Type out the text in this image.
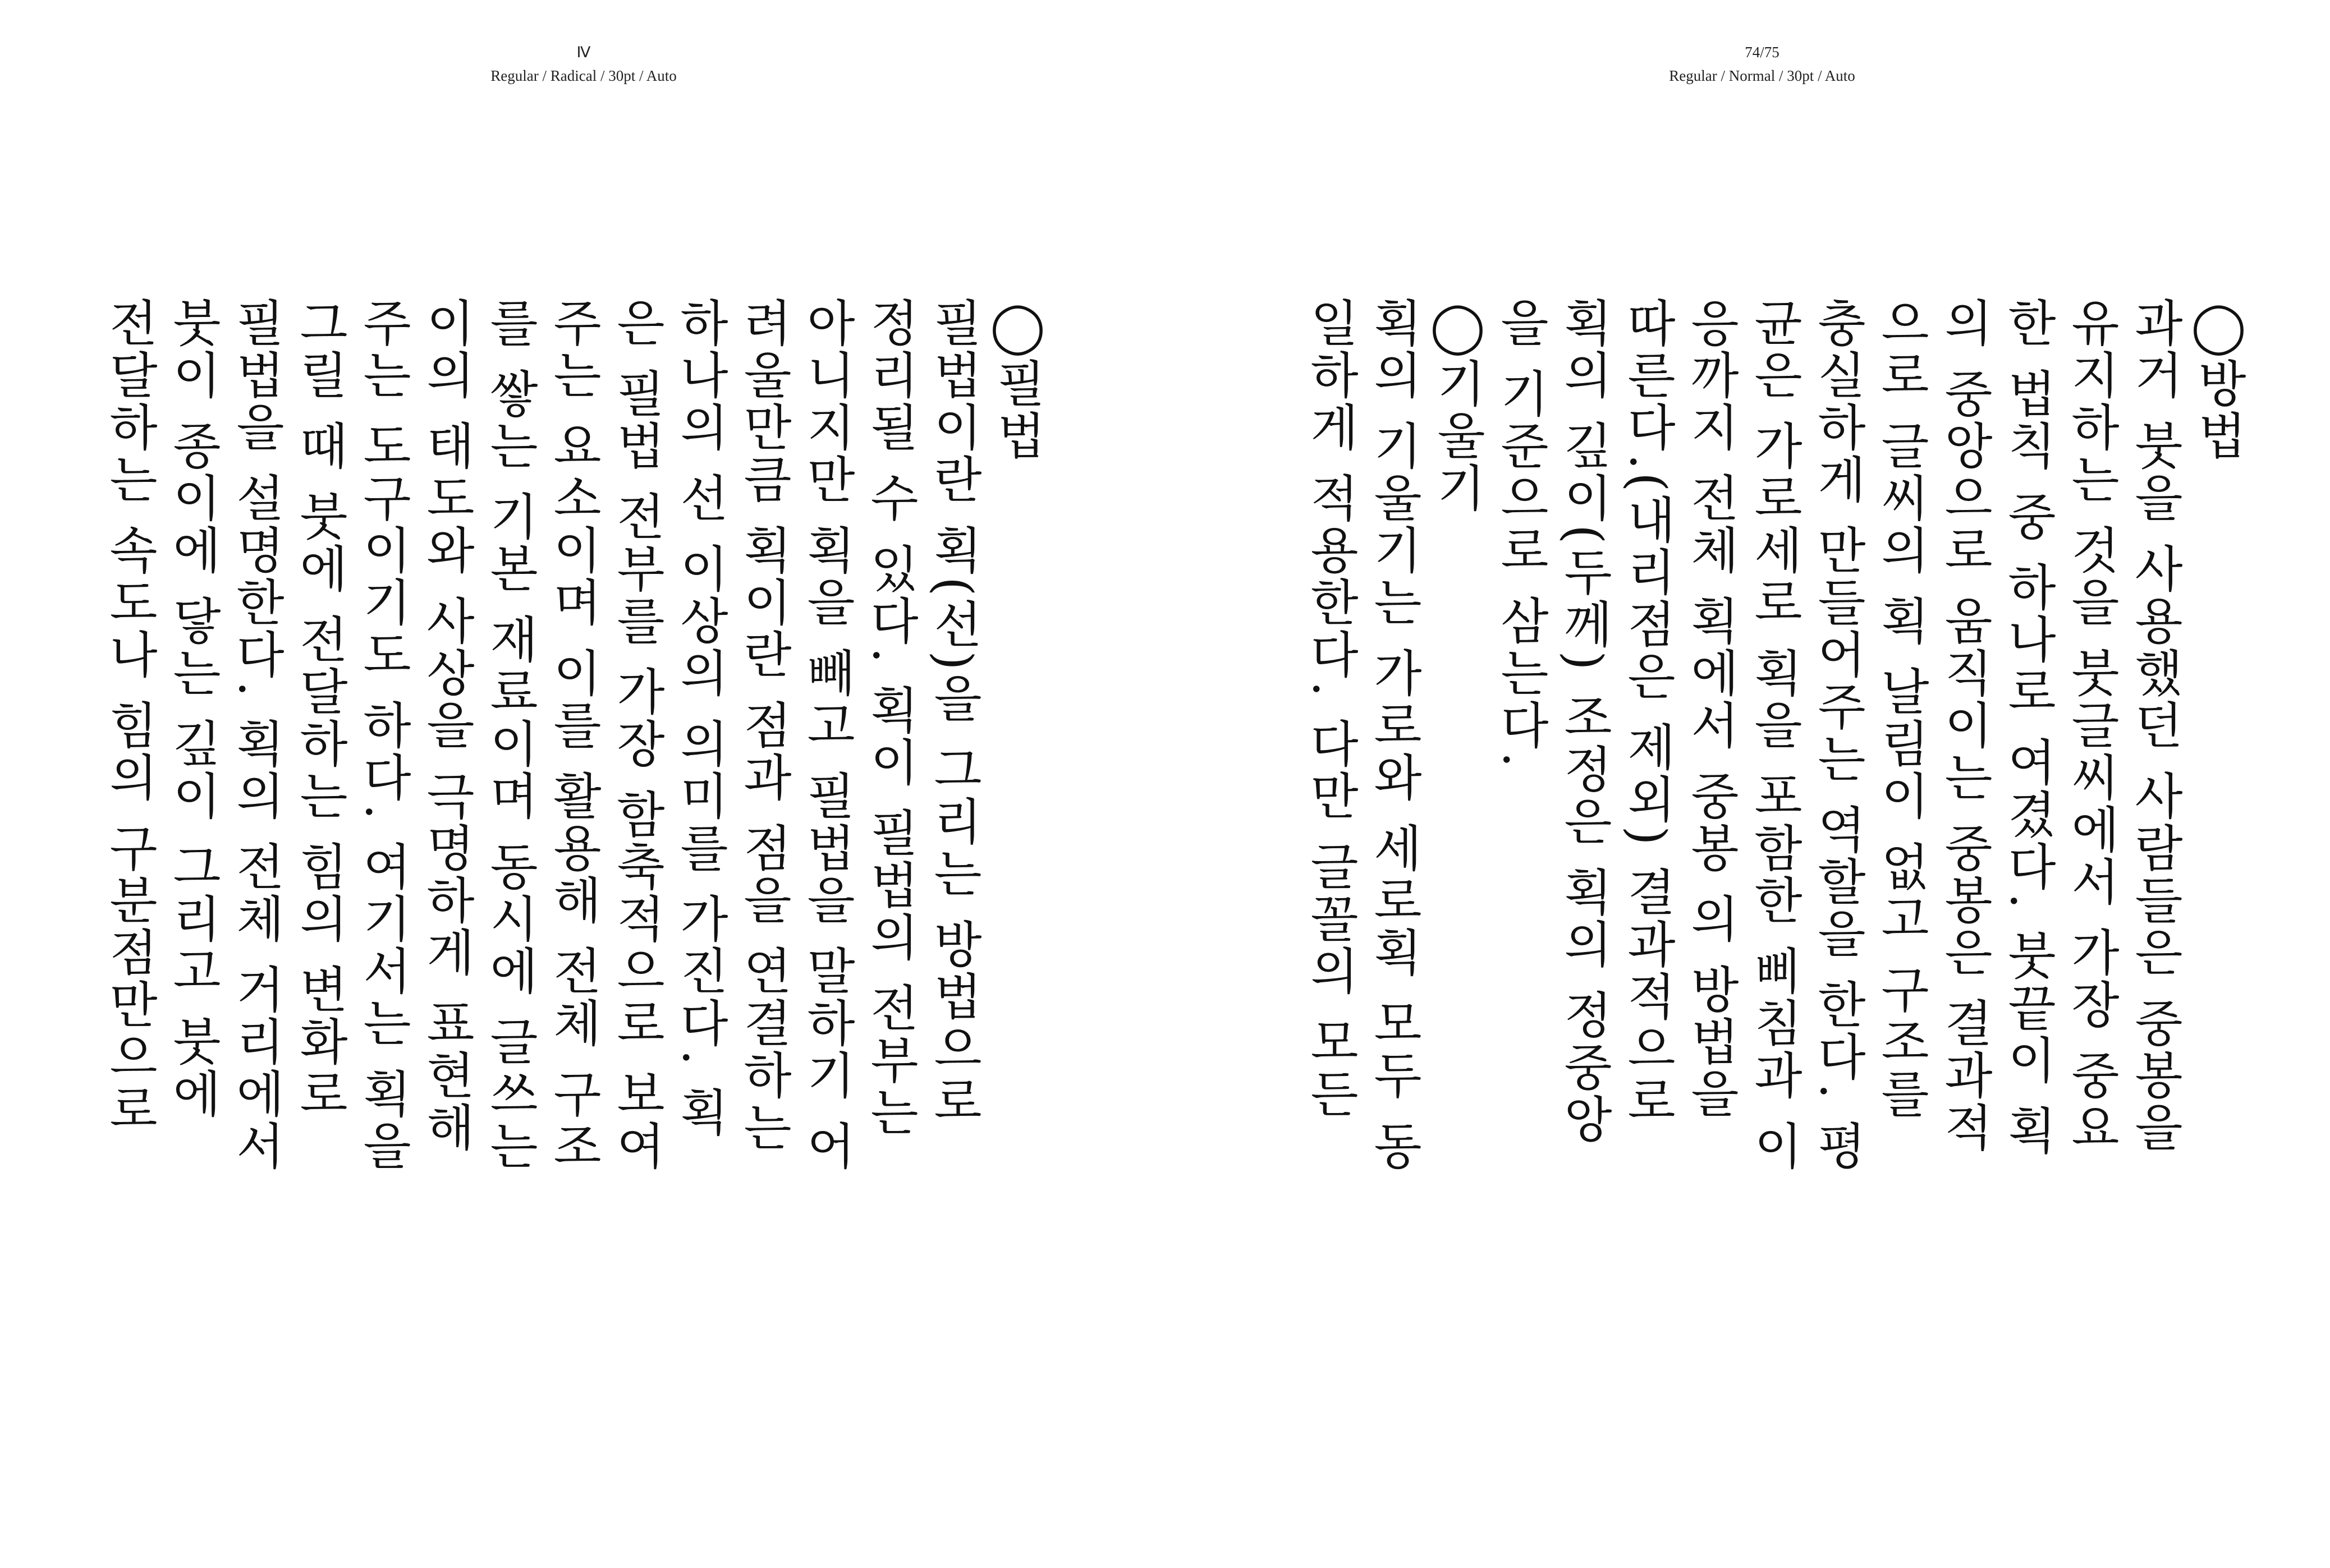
Ⅳ
Regular / Radical / 30pt / Auto
74/75
Regular / Normal / 30pt / Auto
◯필법
필법이란 획(선)을 그리는 방법으로
정리될 수 있다. 획이 필법의 전부는
아니지만 획을 빼고 필법을 말하기 어
려울만큼 획이란 점과 점을 연결하는
하나의 선 이상의 의미를 가진다. 획
은 필법 전부를 가장 함축적으로 보여
주는 요소이며 이를 활용해 전체 구조
를 쌓는 기본 재료이며 동시에 글쓰는
이의 태도와 사상을 극명하게 표현해
주는 도구이기도 하다. 여기서는 획을
그릴 때 붓에 전달하는 힘의 변화로
필법을 설명한다. 획의 전체 거리에서
붓이 종이에 닿는 깊이 그리고 붓에
전달하는 속도나 힘의 구분점만으로	◯방법
과거 붓을 사용했던 사람들은 중봉을
유지하는 것을 붓글씨에서 가장 중요
한 법칙 중 하나로 여겼다. 붓끝이 획
의 중앙으로 움직이는 중봉은 결과적
으로 글씨의 획 날림이 없고 구조를
충실하게 만들어주는 역할을 한다. 평
균은 가로세로 획을 포함한 삐침과 이
응까지 전체 획에서 중봉 의 방법을
따른다.(내리점은 제외) 결과적으로
획의 깊이(두께) 조정은 획의 정중앙
을 기준으로 삼는다.
◯기울기
획의 기울기는 가로와 세로획 모두 동
일하게 적용한다. 다만 글꼴의 모든
